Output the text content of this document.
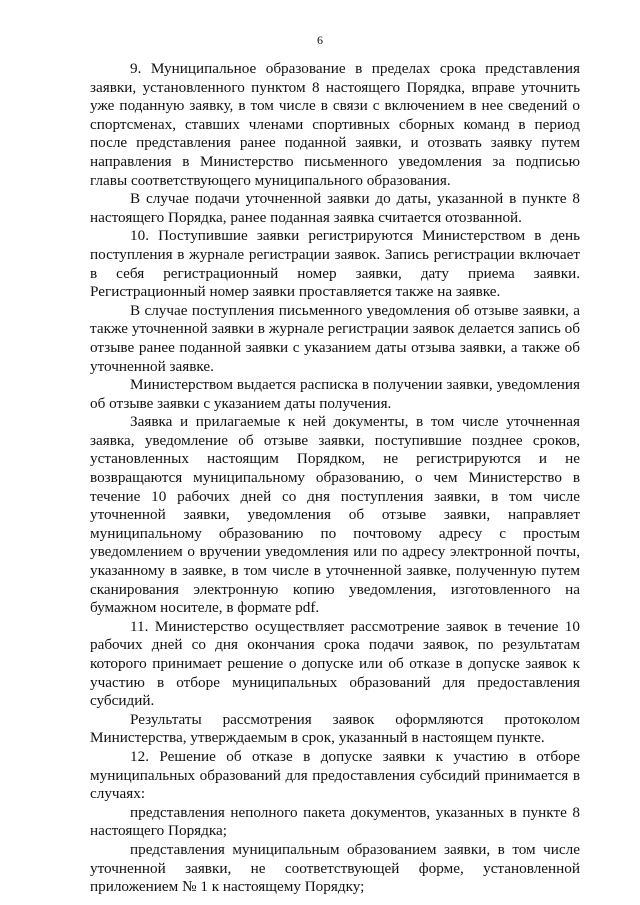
6

9. Муниципальное образование в пределах срока представления заявки, установленного пунктом 8 настоящего Порядка, вправе уточнить уже поданную заявку, в том числе в связи с включением в нее сведений о спортсменах, ставших членами спортивных сборных команд в период после представления ранее поданной заявки, и отозвать заявку путем направления в Министерство письменного уведомления за подписью главы соответствующего муниципального образования.

В случае подачи уточненной заявки до даты, указанной в пункте 8 настоящего Порядка, ранее поданная заявка считается отозванной.

10. Поступившие заявки регистрируются Министерством в день поступления в журнале регистрации заявок. Запись регистрации включает в себя регистрационный номер заявки, дату приема заявки. Регистрационный номер заявки проставляется также на заявке.

В случае поступления письменного уведомления об отзыве заявки, а также уточненной заявки в журнале регистрации заявок делается запись об отзыве ранее поданной заявки с указанием даты отзыва заявки, а также об уточненной заявке.

Министерством выдается расписка в получении заявки, уведомления об отзыве заявки с указанием даты получения.

Заявка и прилагаемые к ней документы, в том числе уточненная заявка, уведомление об отзыве заявки, поступившие позднее сроков, установленных настоящим Порядком, не регистрируются и не возвращаются муниципальному образованию, о чем Министерство в течение 10 рабочих дней со дня поступления заявки, в том числе уточненной заявки, уведомления об отзыве заявки, направляет муниципальному образованию по почтовому адресу с простым уведомлением о вручении уведомления или по адресу электронной почты, указанному в заявке, в том числе в уточненной заявке, полученную путем сканирования электронную копию уведомления, изготовленного на бумажном носителе, в формате pdf.

11. Министерство осуществляет рассмотрение заявок в течение 10 рабочих дней со дня окончания срока подачи заявок, по результатам которого принимает решение о допуске или об отказе в допуске заявок к участию в отборе муниципальных образований для предоставления субсидий.

Результаты рассмотрения заявок оформляются протоколом Министерства, утверждаемым в срок, указанный в настоящем пункте.

12. Решение об отказе в допуске заявки к участию в отборе муниципальных образований для предоставления субсидий принимается в случаях:

представления неполного пакета документов, указанных в пункте 8 настоящего Порядка;

представления муниципальным образованием заявки, в том числе уточненной заявки, не соответствующей форме, установленной приложением № 1 к настоящему Порядку;
